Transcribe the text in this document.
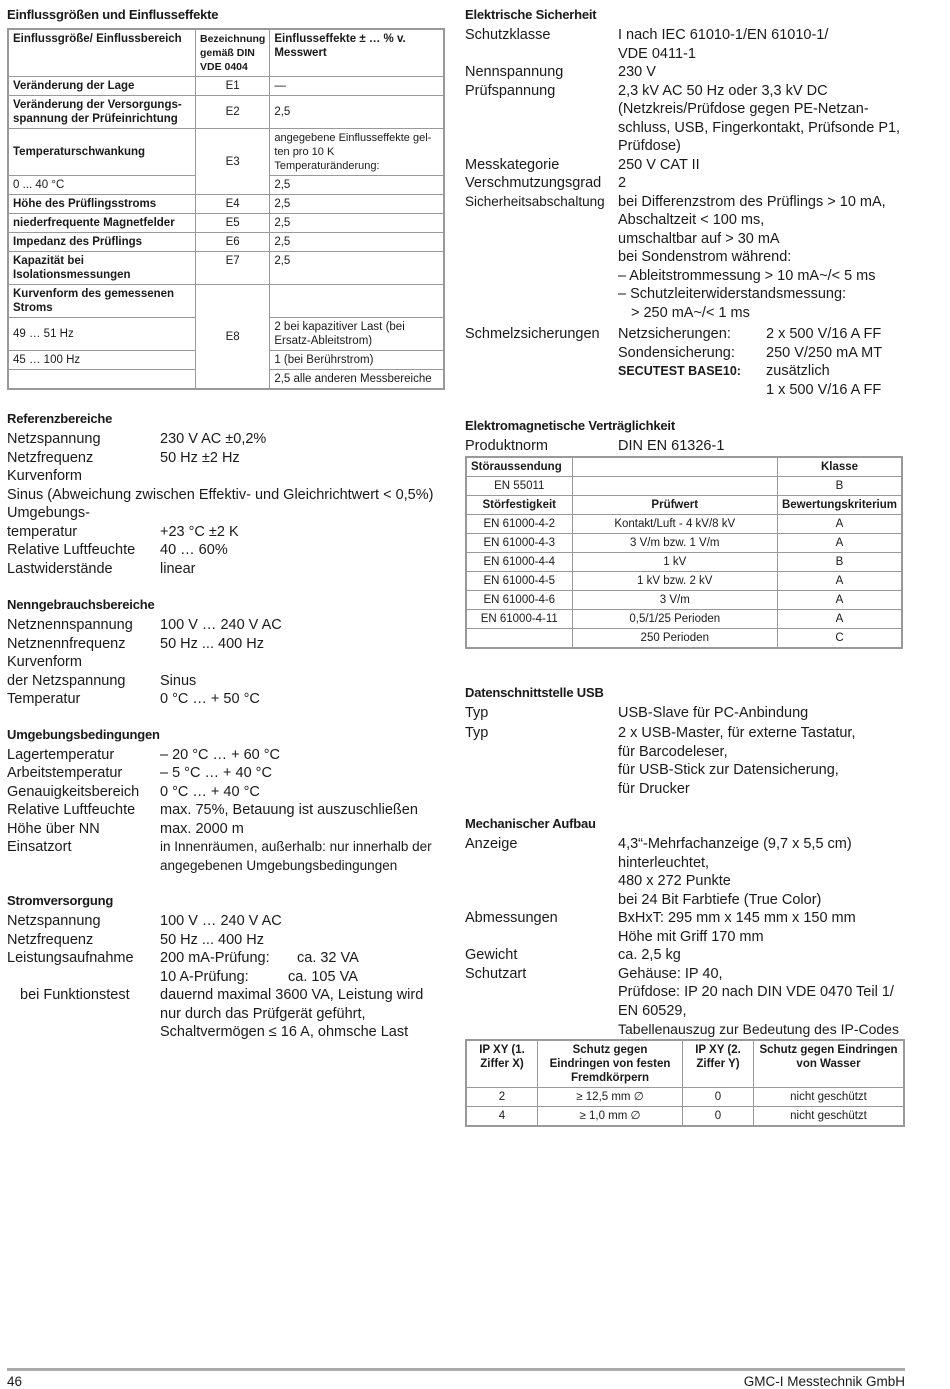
Einflussgrößen und Einflusseffekte
Einflussgröße/ Einflussbereich	Bezeichnung gemäß DIN VDE 0404	Einflusseffekte ± … % v. Messwert
Veränderung der Lage	E1	—
Veränderung der Versorgungs- spannung der Prüfeinrichtung	E2	2,5
Temperaturschwankung	E3	angegebene Einflusseffekte gel- ten pro 10 K Temperaturänderung:
0 ... 40 °C		2,5
Höhe des Prüflingsstroms	E4	2,5
niederfrequente Magnetfelder	E5	2,5
Impedanz des Prüflings	E6	2,5
Kapazität bei Isolationsmessungen	E7	2,5
Kurvenform des gemessenen Stroms	E8	
49 … 51 Hz		2 bei kapazitiver Last (bei Ersatz-Ableitstrom)
45 … 100 Hz		1 (bei Berührstrom)
		2,5 alle anderen Messbereiche
Referenzbereiche
Netzspannung	230 V AC ±0,2%
Netzfrequenz	50 Hz ±2 Hz
Kurvenform
Sinus (Abweichung zwischen Effektiv- und Gleichrichtwert < 0,5%)
Umgebungs-
temperatur	+23 °C ±2 K
Relative Luftfeuchte	40 … 60%
Lastwiderstände	linear
Nenngebrauchsbereiche
Netznennspannung	100 V … 240 V AC
Netznennfrequenz	50 Hz ... 400 Hz
Kurvenform
der Netzspannung	Sinus
Temperatur	0 °C … + 50 °C
Umgebungsbedingungen
Lagertemperatur	– 20 °C … + 60 °C
Arbeitstemperatur	– 5 °C … + 40 °C
Genauigkeitsbereich	0 °C … + 40 °C
Relative Luftfeuchte	max. 75%, Betauung ist auszuschließen
Höhe über NN	max. 2000 m
Einsatzort	in Innenräumen, außerhalb: nur innerhalb der angegebenen Umgebungsbedingungen
Stromversorgung
Netzspannung	100 V … 240 V AC
Netzfrequenz	50 Hz ... 400 Hz
Leistungsaufnahme	200 mA-Prüfung: ca. 32 VA
10 A-Prüfung:	ca. 105 VA
bei Funktionstest	dauernd maximal 3600 VA, Leistung wird nur durch das Prüfgerät geführt, Schaltvermögen ≤ 16 A, ohmsche Last
Elektrische Sicherheit
Schutzklasse	I nach IEC 61010-1/EN 61010-1/ VDE 0411-1
Nennspannung	230 V
Prüfspannung	2,3 kV AC 50 Hz oder 3,3 kV DC (Netzkreis/Prüfdose gegen PE-Netzan- schluss, USB, Fingerkontakt, Prüfsonde P1, Prüfdose)
Messkategorie	250 V CAT II
Verschmutzungsgrad	2
Sicherheitsabschaltung bei Differenzstrom des Prüflings > 10 mA,
Abschaltzeit < 100 ms,
umschaltbar auf > 30 mA
bei Sondenstrom während:
– Ableitstrommessung > 10 mA~/< 5 ms
– Schutzleiterwiderstandsmessung:
> 250 mA~/< 1 ms
Schmelzsicherungen	Netzsicherungen: 2 x 500 V/16 A FF
Sondensicherung: 250 V/250 mA MT
SECUTEST BASE10: zusätzlich
1 x 500 V/16 A FF
Elektromagnetische Verträglichkeit
Produktnorm	DIN EN 61326-1
Störaussendung		Klasse
EN 55011		B
Störfestigkeit	Prüfwert	Bewertungskriterium
EN 61000-4-2	Kontakt/Luft - 4 kV/8 kV	A
EN 61000-4-3	3 V/m bzw. 1 V/m	A
EN 61000-4-4	1 kV	B
EN 61000-4-5	1 kV bzw. 2 kV	A
EN 61000-4-6	3 V/m	A
EN 61000-4-11	0,5/1/25 Perioden	A
	250 Perioden	C
Datenschnittstelle USB
Typ	USB-Slave für PC-Anbindung
Typ	2 x USB-Master, für externe Tastatur,
für Barcodeleser,
für USB-Stick zur Datensicherung,
für Drucker
Mechanischer Aufbau
Anzeige	4,3“-Mehrfachanzeige (9,7 x 5,5 cm)
hinterleuchtet,
480 x 272 Punkte
bei 24 Bit Farbtiefe (True Color)
Abmessungen	BxHxT: 295 mm x 145 mm x 150 mm
Höhe mit Griff 170 mm
Gewicht	ca. 2,5 kg
Schutzart	Gehäuse: IP 40,
Prüfdose: IP 20 nach DIN VDE 0470 Teil 1/
EN 60529,
Tabellenauszug zur Bedeutung des IP-Codes
IP XY (1. Ziffer X)	Schutz gegen Eindringen von festen Fremdkörpern	IP XY (2. Ziffer Y)	Schutz gegen Eindringen von Wasser
2	≥ 12,5 mm ∅	0	nicht geschützt
4	≥ 1,0 mm ∅	0	nicht geschützt
46	GMC-I Messtechnik GmbH
